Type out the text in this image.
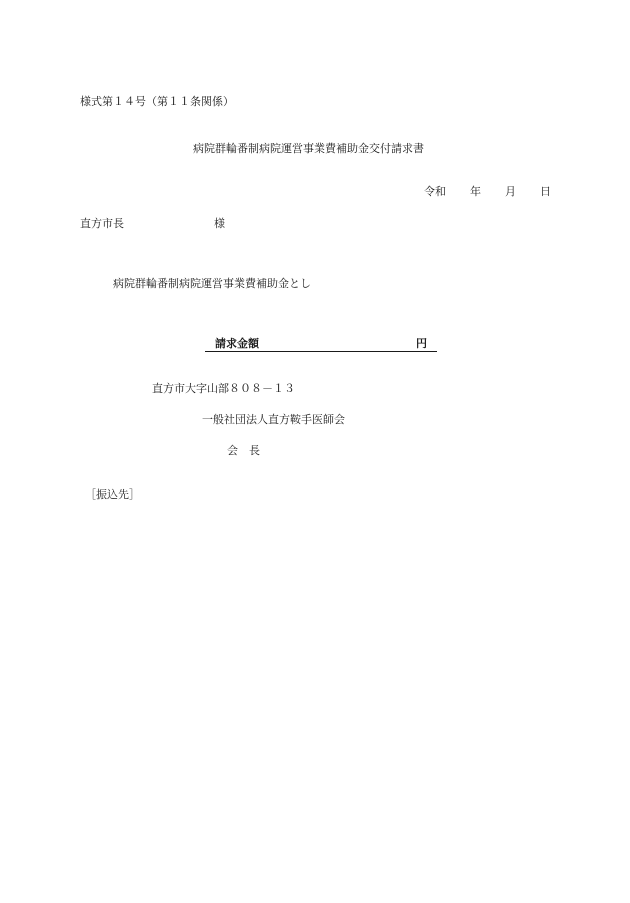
様式第１４号（第１１条関係）
病院群輪番制病院運営事業費補助金交付請求書
令和 年 月 日
直方市長	様
病院群輪番制病院運営事業費補助金とし
請求金額	円
直方市大字山部８０８－１３
一般社団法人直方鞍手医師会
会　長
［振込先］
